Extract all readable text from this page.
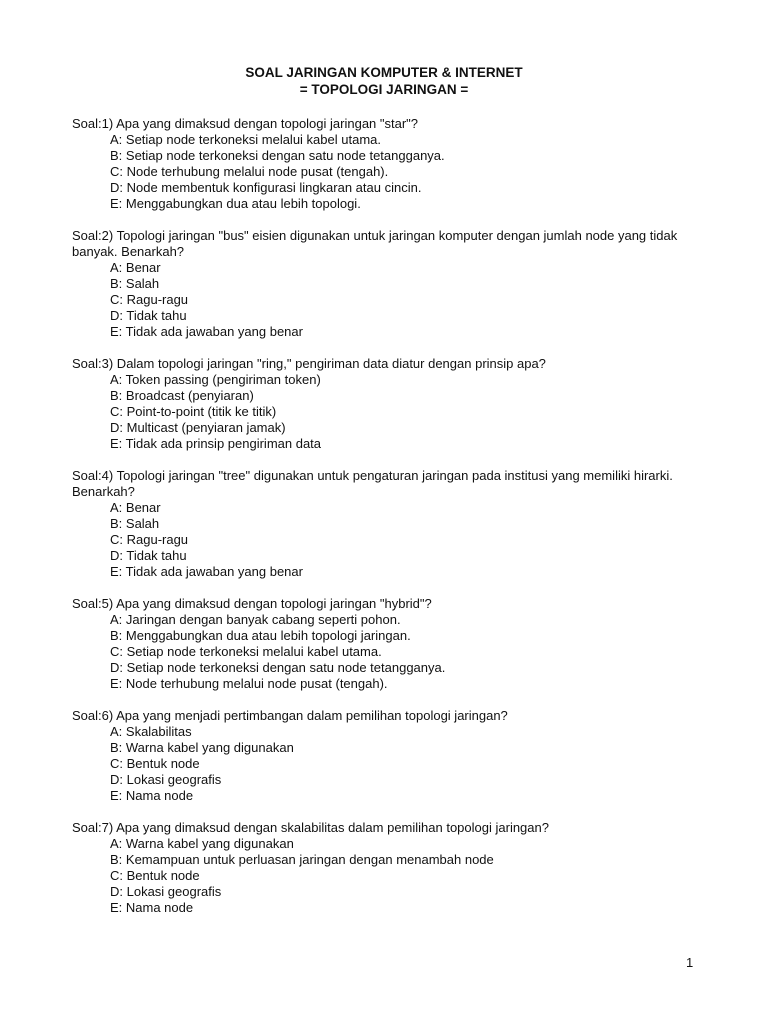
SOAL JARINGAN KOMPUTER & INTERNET
= TOPOLOGI JARINGAN =
Soal:1) Apa yang dimaksud dengan topologi jaringan "star"?
A: Setiap node terkoneksi melalui kabel utama.
B: Setiap node terkoneksi dengan satu node tetangganya.
C: Node terhubung melalui node pusat (tengah).
D: Node membentuk konfigurasi lingkaran atau cincin.
E: Menggabungkan dua atau lebih topologi.
Soal:2) Topologi jaringan "bus" eisien digunakan untuk jaringan komputer dengan jumlah node yang tidak banyak. Benarkah?
A: Benar
B: Salah
C: Ragu-ragu
D: Tidak tahu
E: Tidak ada jawaban yang benar
Soal:3) Dalam topologi jaringan "ring," pengiriman data diatur dengan prinsip apa?
A: Token passing (pengiriman token)
B: Broadcast (penyiaran)
C: Point-to-point (titik ke titik)
D: Multicast (penyiaran jamak)
E: Tidak ada prinsip pengiriman data
Soal:4) Topologi jaringan "tree" digunakan untuk pengaturan jaringan pada institusi yang memiliki hirarki. Benarkah?
A: Benar
B: Salah
C: Ragu-ragu
D: Tidak tahu
E: Tidak ada jawaban yang benar
Soal:5) Apa yang dimaksud dengan topologi jaringan "hybrid"?
A: Jaringan dengan banyak cabang seperti pohon.
B: Menggabungkan dua atau lebih topologi jaringan.
C: Setiap node terkoneksi melalui kabel utama.
D: Setiap node terkoneksi dengan satu node tetangganya.
E: Node terhubung melalui node pusat (tengah).
Soal:6) Apa yang menjadi pertimbangan dalam pemilihan topologi jaringan?
A: Skalabilitas
B: Warna kabel yang digunakan
C: Bentuk node
D: Lokasi geografis
E: Nama node
Soal:7) Apa yang dimaksud dengan skalabilitas dalam pemilihan topologi jaringan?
A: Warna kabel yang digunakan
B: Kemampuan untuk perluasan jaringan dengan menambah node
C: Bentuk node
D: Lokasi geografis
E: Nama node
1
